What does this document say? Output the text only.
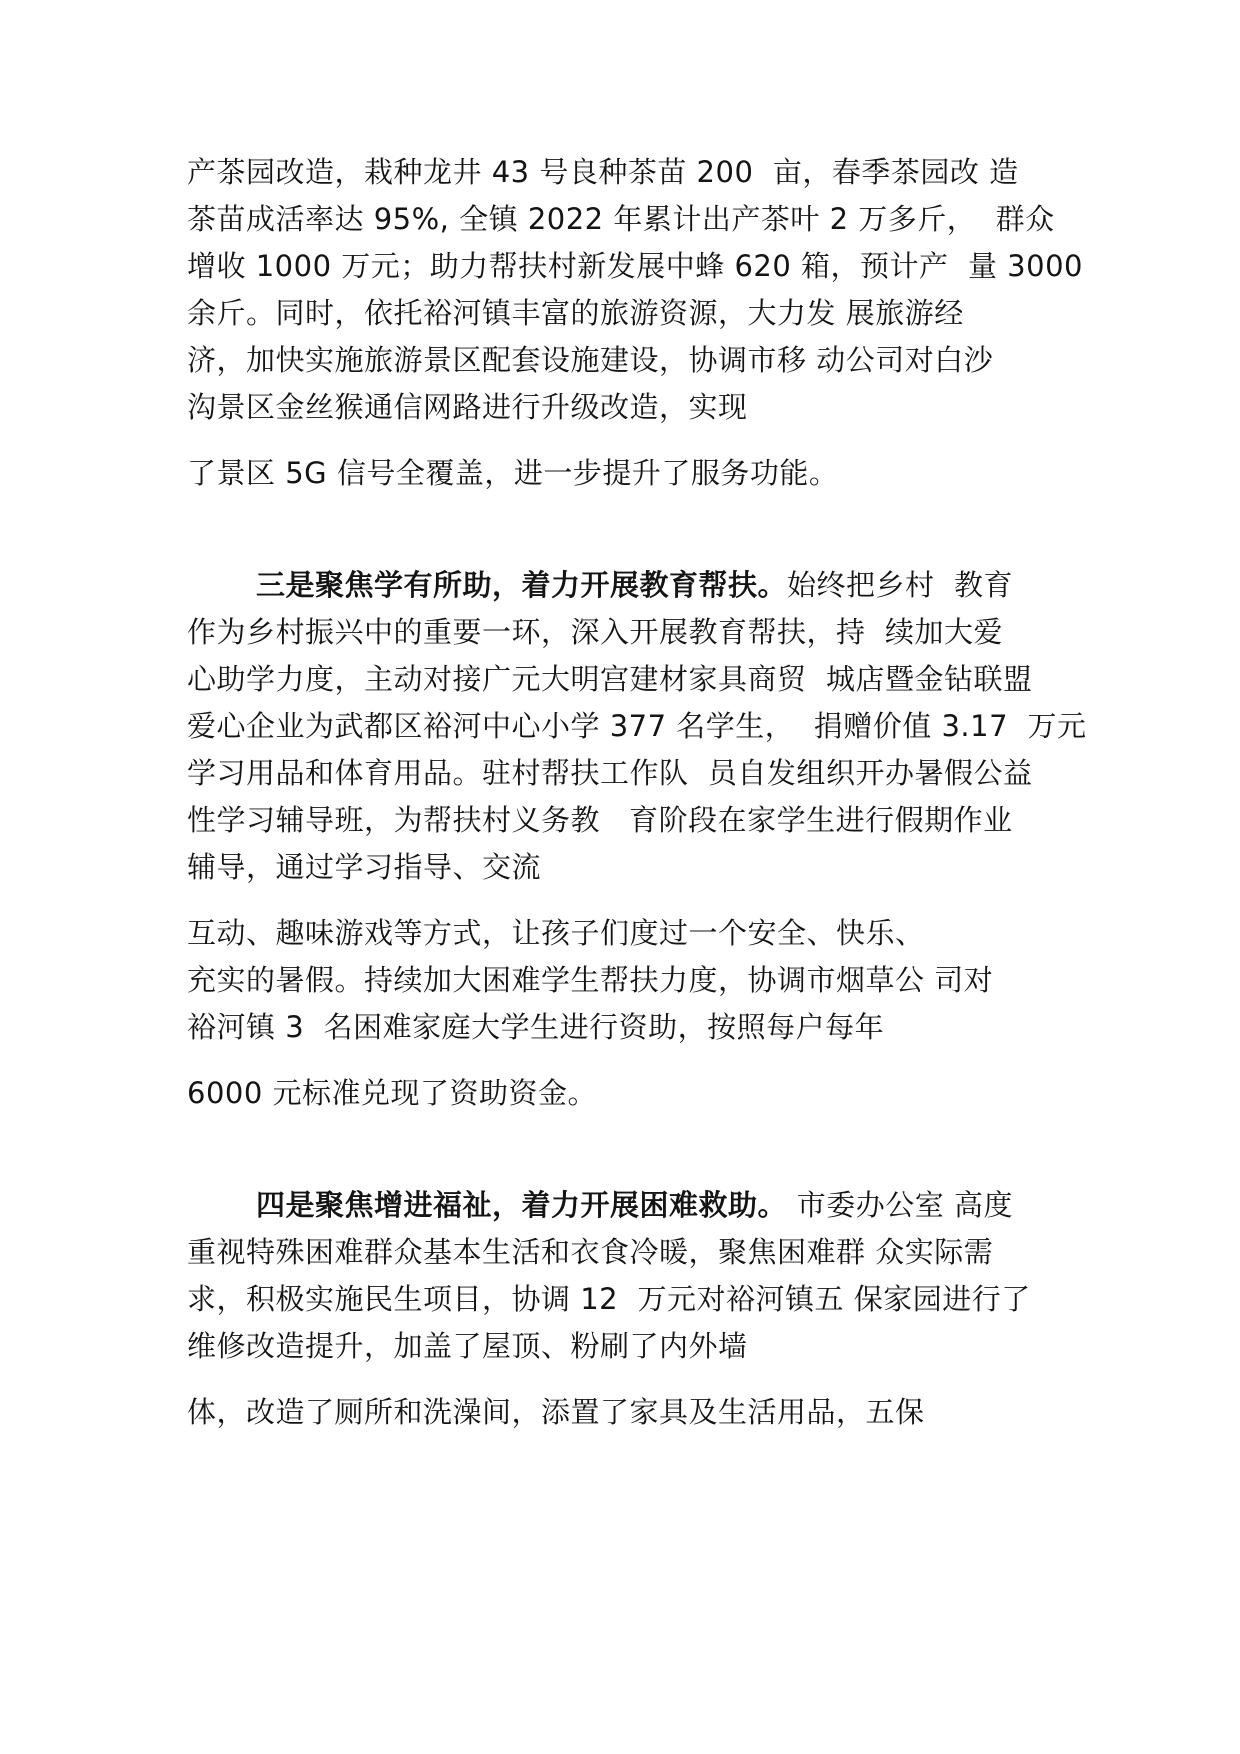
产茶园改造，栽种龙井 43 号良种茶苗 200  亩，春季茶园改 造
茶苗成活率达 95%, 全镇 2022 年累计出产茶叶 2 万多斤，  群众
增收 1000 万元；助力帮扶村新发展中蜂 620 箱，预计产  量 3000
余斤。同时，依托裕河镇丰富的旅游资源，大力发 展旅游经
济，加快实施旅游景区配套设施建设，协调市移 动公司对白沙
沟景区金丝猴通信网路进行升级改造，实现
了景区 5G 信号全覆盖，进一步提升了服务功能。
三是聚焦学有所助，着力开展教育帮扶。始终把乡村  教育
作为乡村振兴中的重要一环，深入开展教育帮扶，持  续加大爱
心助学力度，主动对接广元大明宫建材家具商贸  城店暨金钻联盟
爱心企业为武都区裕河中心小学 377 名学生，  捐赠价值 3.17  万元
学习用品和体育用品。驻村帮扶工作队  员自发组织开办暑假公益
性学习辅导班，为帮扶村义务教   育阶段在家学生进行假期作业
辅导，通过学习指导、交流
互动、趣味游戏等方式，让孩子们度过一个安全、快乐、
充实的暑假。持续加大困难学生帮扶力度，协调市烟草公 司对
裕河镇 3  名困难家庭大学生进行资助，按照每户每年
6000 元标准兑现了资助资金。
四是聚焦增进福祉，着力开展困难救助。 市委办公室 高度
重视特殊困难群众基本生活和衣食冷暖，聚焦困难群 众实际需
求，积极实施民生项目，协调 12  万元对裕河镇五 保家园进行了
维修改造提升，加盖了屋顶、粉刷了内外墙
体，改造了厕所和洗澡间，添置了家具及生活用品，五保
